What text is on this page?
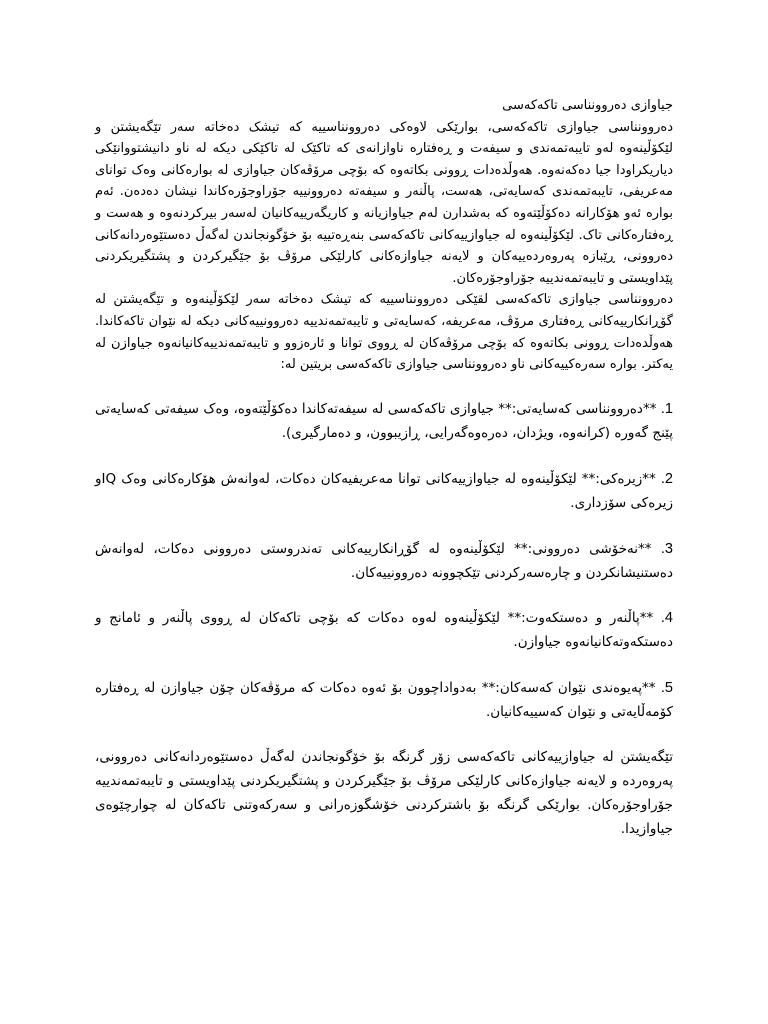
جیاوازی دەروونناسی تاکەکەسی

دەروونناسی جیاوازی تاکەکەسی، بوارێکی لاوەکی دەروونناسییە کە تیشک دەخاتە سەر تێگەیشتن و لێکۆڵینەوە لەو تایبەتمەندی و سیفەت و ڕەفتارە ناوازانەی کە تاکێک لە تاکێکی دیکە لە ناو دانیشتووانێکی دیاریکراودا جیا دەکەنەوە. هەوڵدەدات ڕوونی بکاتەوە کە بۆچی مرۆڤەکان جیاوازی لە بوارەکانی وەک توانای مەعریفی، تایبەتمەندی کەسایەتی، هەست، پاڵنەر و سیفەتە دەروونییە جۆراوجۆرەکاندا نیشان دەدەن. ئەم بوارە ئەو هۆکارانە دەکۆڵێتەوە کە بەشدارن لەم جیاوازیانە و کاریگەرییەکانیان لەسەر بیرکردنەوە و هەست و ڕەفتارەکانی تاک. لێکۆڵینەوە لە جیاوازییەکانی تاکەکەسی بنەڕەتییە بۆ خۆگونجاندن لەگەڵ دەستێوەردانەکانی دەروونی، ڕێبازە پەروەردەییەکان و لایەنە جیاوازەکانی کارلێکی مرۆڤ بۆ جێگیرکردن و پشتگیریکردنی پێداویستی و تایبەتمەندییە جۆراوجۆرەکان.

دەروونناسی جیاوازی تاکەکەسی لقێکی دەروونناسییە کە تیشک دەخاتە سەر لێکۆڵینەوە و تێگەیشتن لە گۆڕانکارییەکانی ڕەفتاری مرۆڤ، مەعریفە، کەسایەتی و تایبەتمەندییە دەروونییەکانی دیکە لە نێوان تاکەکاندا. هەوڵدەدات ڕوونی بکاتەوە کە بۆچی مرۆڤەکان لە ڕووی توانا و ئارەزوو و تایبەتمەندییەکانیانەوە جیاوازن لە یەکتر. بوارە سەرەکییەکانی ناو دەروونناسی جیاوازی تاکەکەسی بریتین لە:

1. **دەروونناسی کەسایەتی:** جیاوازی تاکەکەسی لە سیفەتەکاندا دەکۆڵێتەوە، وەک سیفەتی کەسایەتی پێنج گەورە (کرانەوە، ویژدان، دەرەوەگەرایی، ڕازیبوون، و دەمارگیری).

2. **زیرەکی:** لێکۆڵینەوە لە جیاوازییەکانی توانا مەعریفیەکان دەکات، لەوانەش هۆکارەکانی وەک IQو زیرەکی سۆزداری.

3. **نەخۆشی دەروونی:** لێکۆڵینەوە لە گۆڕانکارییەکانی تەندروستی دەروونی دەکات، لەوانەش دەستنیشانکردن و چارەسەرکردنی تێکچوونە دەروونییەکان.

4. **پاڵنەر و دەستکەوت:** لێکۆڵینەوە لەوە دەکات کە بۆچی تاکەکان لە ڕووی پاڵنەر و ئامانج و دەستکەوتەکانیانەوە جیاوازن.

5. **پەیوەندی نێوان کەسەکان:** بەدواداچوون بۆ ئەوە دەکات کە مرۆڤەکان چۆن جیاوازن لە ڕەفتارە کۆمەڵایەتی و نێوان کەسییەکانیان.

تێگەیشتن لە جیاوازییەکانی تاکەکەسی زۆر گرنگە بۆ خۆگونجاندن لەگەڵ دەستێوەردانەکانی دەروونی، پەروەردە و لایەنە جیاوازەکانی کارلێکی مرۆڤ بۆ جێگیرکردن و پشتگیریکردنی پێداویستی و تایبەتمەندییە جۆراوجۆرەکان. بوارێکی گرنگە بۆ باشترکردنی خۆشگوزەرانی و سەرکەوتنی تاکەکان لە چوارچێوەی جیاوازیدا.
